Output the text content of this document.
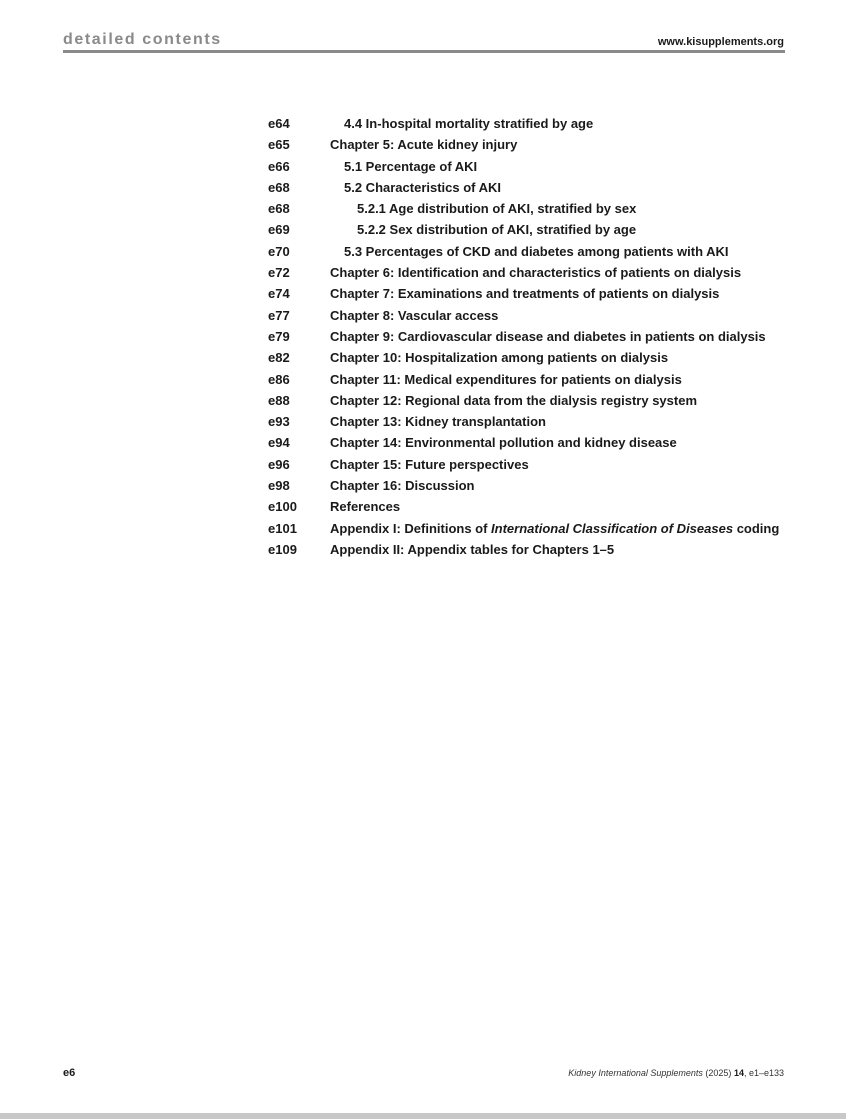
detailed contents	www.kisupplements.org
e64	4.4 In-hospital mortality stratified by age
e65	Chapter 5: Acute kidney injury
e66	5.1 Percentage of AKI
e68	5.2 Characteristics of AKI
e68	5.2.1 Age distribution of AKI, stratified by sex
e69	5.2.2 Sex distribution of AKI, stratified by age
e70	5.3 Percentages of CKD and diabetes among patients with AKI
e72	Chapter 6: Identification and characteristics of patients on dialysis
e74	Chapter 7: Examinations and treatments of patients on dialysis
e77	Chapter 8: Vascular access
e79	Chapter 9: Cardiovascular disease and diabetes in patients on dialysis
e82	Chapter 10: Hospitalization among patients on dialysis
e86	Chapter 11: Medical expenditures for patients on dialysis
e88	Chapter 12: Regional data from the dialysis registry system
e93	Chapter 13: Kidney transplantation
e94	Chapter 14: Environmental pollution and kidney disease
e96	Chapter 15: Future perspectives
e98	Chapter 16: Discussion
e100	References
e101	Appendix I: Definitions of International Classification of Diseases coding
e109	Appendix II: Appendix tables for Chapters 1–5
e6	Kidney International Supplements (2025) 14, e1–e133
